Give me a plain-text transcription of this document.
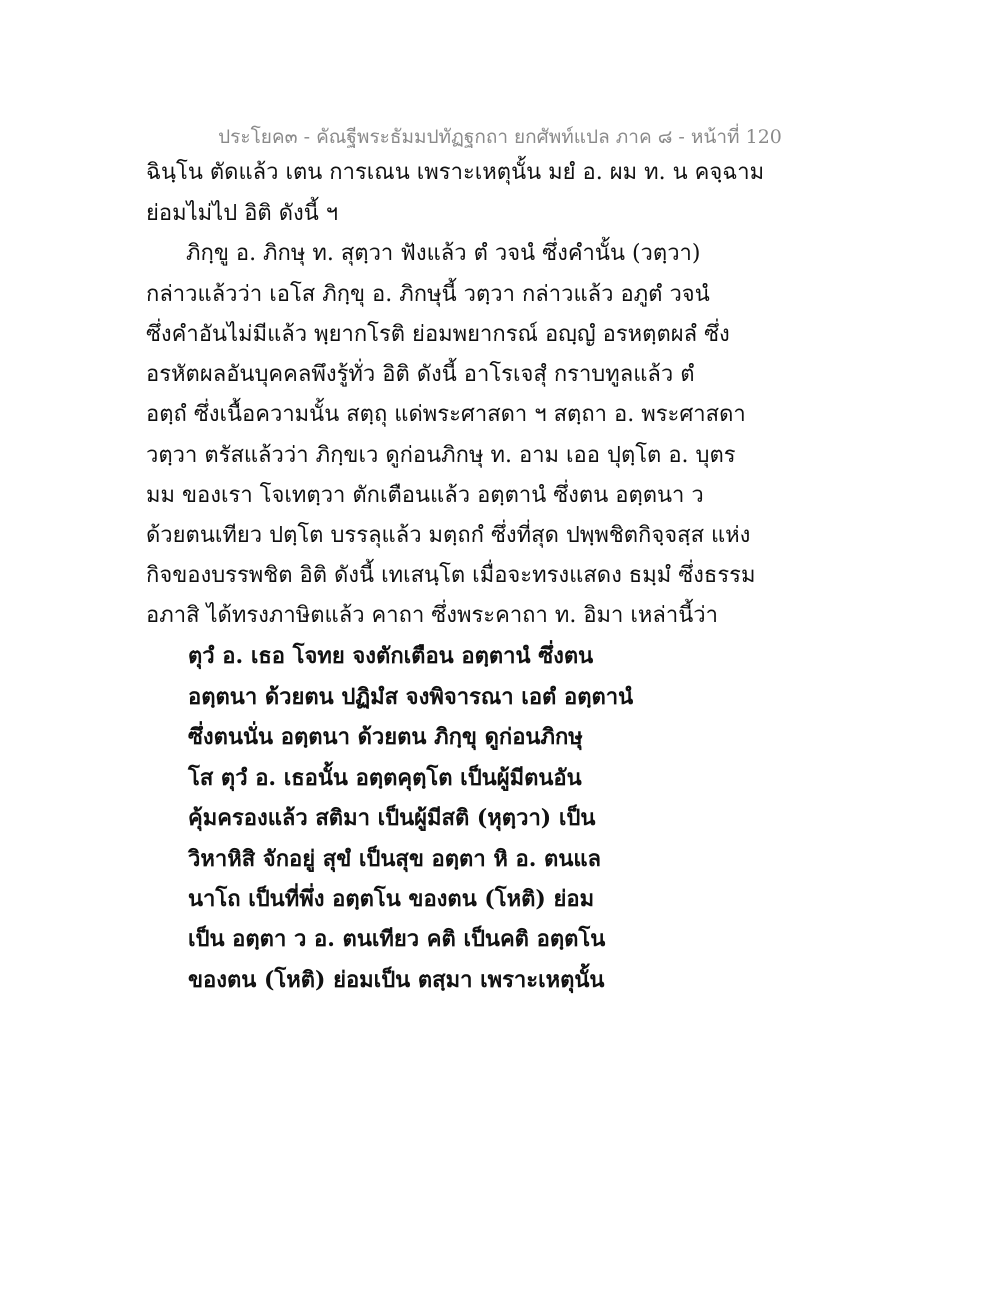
ประโยค๓ - คัณฐีพระธัมมปทัฏฐกถา ยกศัพท์แปล ภาค ๘ - หน้าที่ 120
ฉินฺโน ตัดแล้ว เตน การเณน เพราะเหตุนั้น มยํ อ. ผม ท. น คจฺฉาม
ย่อมไม่ไป อิติ ดังนี้ ฯ
ภิกฺขู อ. ภิกษุ ท. สุตฺวา ฟังแล้ว ตํ วจนํ ซึ่งคำนั้น (วตฺวา)
กล่าวแล้วว่า เอโส ภิกฺขุ อ. ภิกษุนี้ วตฺวา กล่าวแล้ว อภูตํ วจนํ
ซึ่งคำอันไม่มีแล้ว พฺยากโรติ ย่อมพยากรณ์ อญฺญํ อรหตฺตผลํ ซึ่ง
อรหัตผลอันบุคคลพึงรู้ทั่ว อิติ ดังนี้ อาโรเจสุํ กราบทูลแล้ว ตํ
อตฺถํ ซึ่งเนื้อความนั้น สตฺถุ แด่พระศาสดา ฯ สตฺถา อ. พระศาสดา
วตฺวา ตรัสแล้วว่า ภิกฺขเว ดูก่อนภิกษุ ท. อาม เออ ปุตฺโต อ. บุตร
มม ของเรา โจเทตฺวา ตักเตือนแล้ว อตฺตานํ ซึ่งตน อตฺตนา ว
ด้วยตนเทียว ปตฺโต บรรลุแล้ว มตฺถกํ ซึ่งที่สุด ปพฺพชิตกิจฺจสฺส แห่ง
กิจของบรรพชิต อิติ ดังนี้ เทเสนฺโต เมื่อจะทรงแสดง ธมฺมํ ซึ่งธรรม
อภาสิ ได้ทรงภาษิตแล้ว คาถา ซึ่งพระคาถา ท. อิมา เหล่านี้ว่า
ตุวํ อ. เธอ โจทย จงตักเตือน อตฺตานํ ซึ่งตน
อตฺตนา ด้วยตน ปฏิมํส จงพิจารณา เอตํ อตฺตานํ
ซึ่งตนนั่น อตฺตนา ด้วยตน ภิกฺขุ ดูก่อนภิกษุ
โส ตุวํ อ. เธอนั้น อตฺตคุตฺโต เป็นผู้มีตนอัน
คุ้มครองแล้ว สติมา เป็นผู้มีสติ (หุตฺวา) เป็น
วิหาหิสิ จักอยู่ สุขํ เป็นสุข อตฺตา หิ อ. ตนแล
นาโถ เป็นที่พึ่ง อตฺตโน ของตน (โหติ) ย่อม
เป็น อตฺตา ว อ. ตนเทียว คติ เป็นคติ อตฺตโน
ของตน (โหติ) ย่อมเป็น ตสฺมา เพราะเหตุนั้น
